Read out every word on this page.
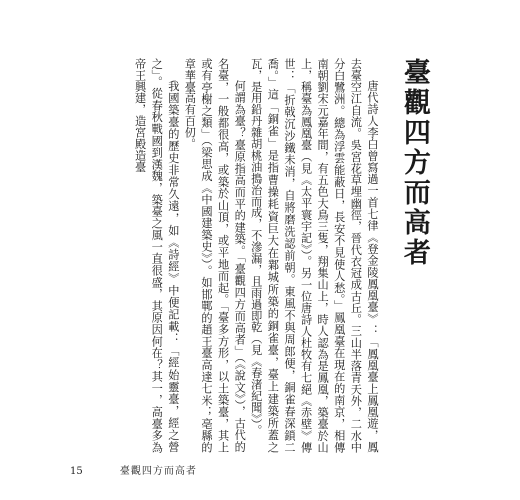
臺觀四方而高者

唐代詩人李白曾寫過一首七律《登金陵鳳凰臺》：「鳳凰臺上鳳凰遊，鳳去臺空江自流。吳宮花草埋幽徑，晉代衣冠成古丘。三山半落青天外，二水中分白鷺洲。總為浮雲能蔽日，長安不見使人愁。」鳳凰臺在現在的南京，相傳南朝劉宋元嘉年間，有五色大鳥三隻，翔集山上，時人認為是鳳凰，築臺於山上，稱臺為鳳凰臺（見《太平寰宇記》）。另一位唐詩人杜牧有七絕《赤壁》傳世：「折戟沉沙鐵未消，自將磨洗認前朝。東風不與周郎便，銅雀春深鎖二喬。」這「銅雀」是指曹操耗資巨大在鄴城所築的銅雀臺，臺上建築所蓋之瓦，是用鉛丹雜胡桃油搗治而成，不滲漏，且雨過即乾（見《春渚紀聞》）。

何謂為臺？臺原指高而平的建築。「臺觀四方而高者」（《說文》），古代的名臺，一般都很高，或築於山頂，或平地而起。「臺多方形，以土築臺，其上或有亭榭之類」（梁思成《中國建築史》）。如邯鄲的趙王臺高達七米；亳縣的章華臺高有百仞。

我國築臺的歷史非常久遠，如《詩經》中便記載：「經始靈臺，經之營之」。從春秋戰國到漢魏，築臺之風一直很盛，其原因何在？其一，高臺多為帝王興建，造宮殿造臺

15	臺觀四方而高者
